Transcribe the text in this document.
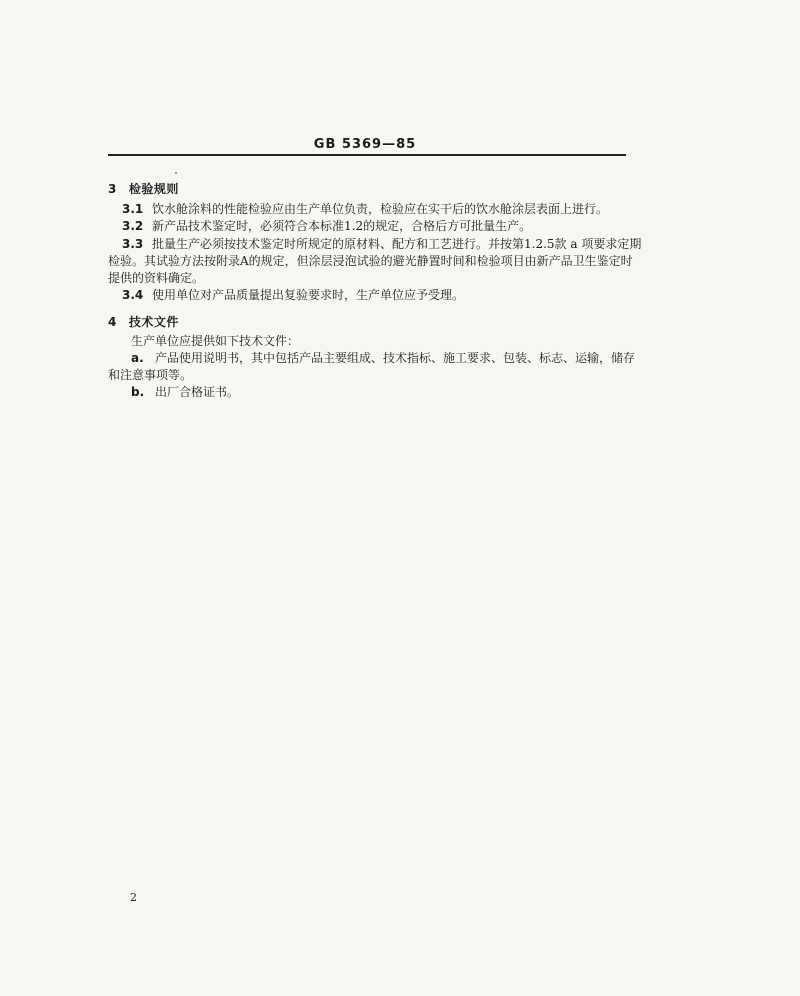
GB 5369—85
3 检验规则
3.1 饮水舱涂料的性能检验应由生产单位负责，检验应在实干后的饮水舱涂层表面上进行。
3.2 新产品技术鉴定时，必须符合本标准1.2的规定，合格后方可批量生产。
3.3 批量生产必须按技术鉴定时所规定的原材料、配方和工艺进行。并按第1.2.5款 a 项要求定期
检验。其试验方法按附录A的规定，但涂层浸泡试验的避光静置时间和检验项目由新产品卫生鉴定时
提供的资料确定。
3.4 使用单位对产品质量提出复验要求时，生产单位应予受理。
4 技术文件
生产单位应提供如下技术文件：
a. 产品使用说明书，其中包括产品主要组成、技术指标、施工要求、包装、标志、运输，储存
和注意事项等。
b. 出厂合格证书。
2
